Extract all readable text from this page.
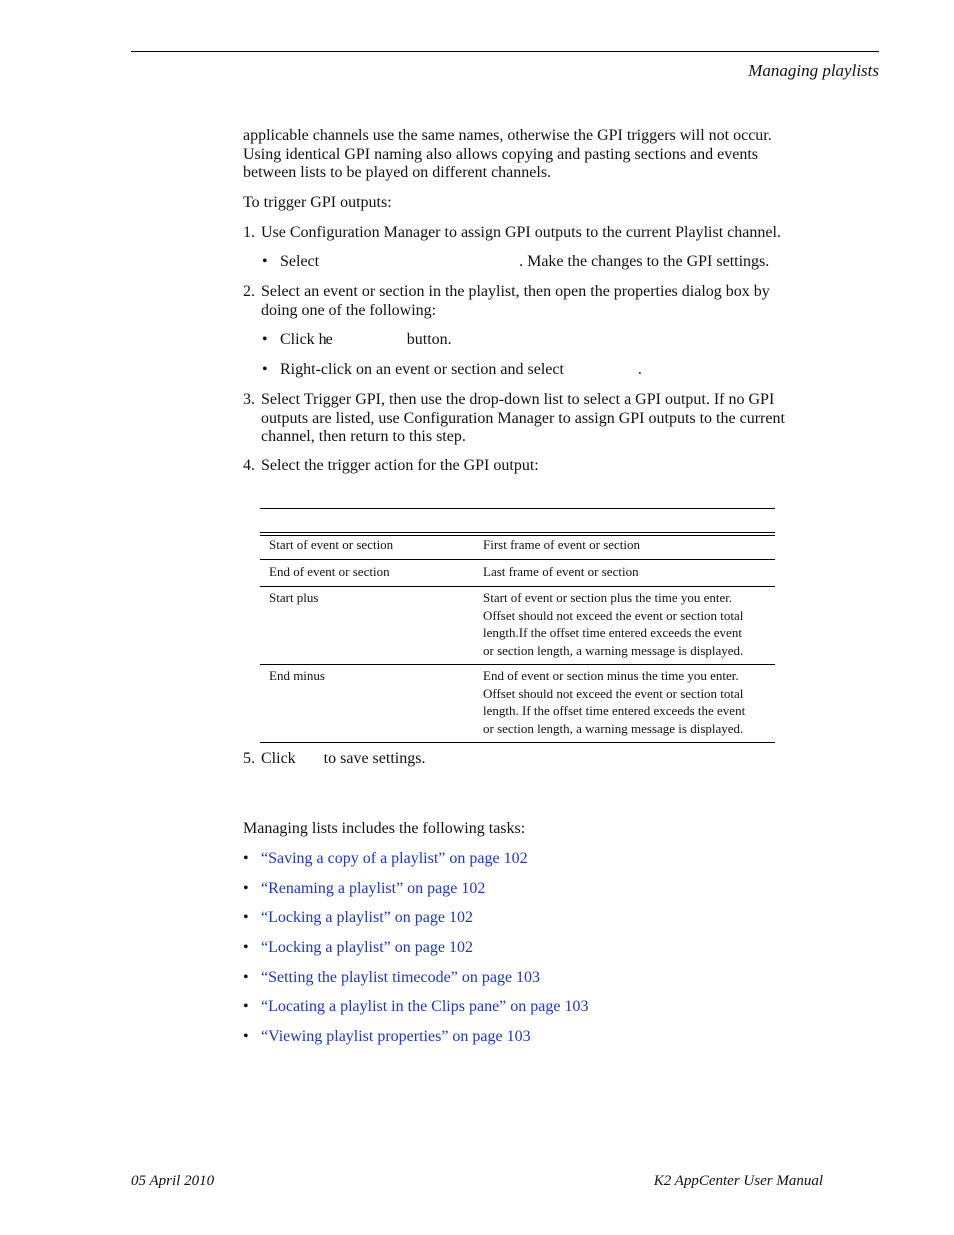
Managing playlists
applicable channels use the same names, otherwise the GPI triggers will not occur.
Using identical GPI naming also allows copying and pasting sections and events
between lists to be played on different channels.
To trigger GPI outputs:
1. Use Configuration Manager to assign GPI outputs to the current Playlist channel.
• Select	. Make the changes to the GPI settings.
2. Select an event or section in the playlist, then open the properties dialog box by
doing one of the following:
• Click he	button.
• Right-click on an event or section and select	.
3. Select Trigger GPI, then use the drop-down list to select a GPI output. If no GPI
outputs are listed, use Configuration Manager to assign GPI outputs to the current
channel, then return to this step.
4. Select the trigger action for the GPI output:
Start of event or section	First frame of event or section
End of event or section	Last frame of event or section
Start plus	Start of event or section plus the time you enter.
Offset should not exceed the event or section total
length.If the offset time entered exceeds the event
or section length, a warning message is displayed.
End minus	End of event or section minus the time you enter.
Offset should not exceed the event or section total
length. If the offset time entered exceeds the event
or section length, a warning message is displayed.
5. Click to save settings.
Managing lists includes the following tasks:
• “Saving a copy of a playlist” on page 102
• “Renaming a playlist” on page 102
• “Locking a playlist” on page 102
• “Locking a playlist” on page 102
• “Setting the playlist timecode” on page 103
• “Locating a playlist in the Clips pane” on page 103
• “Viewing playlist properties” on page 103
05 April 2010	K2 AppCenter User Manual
